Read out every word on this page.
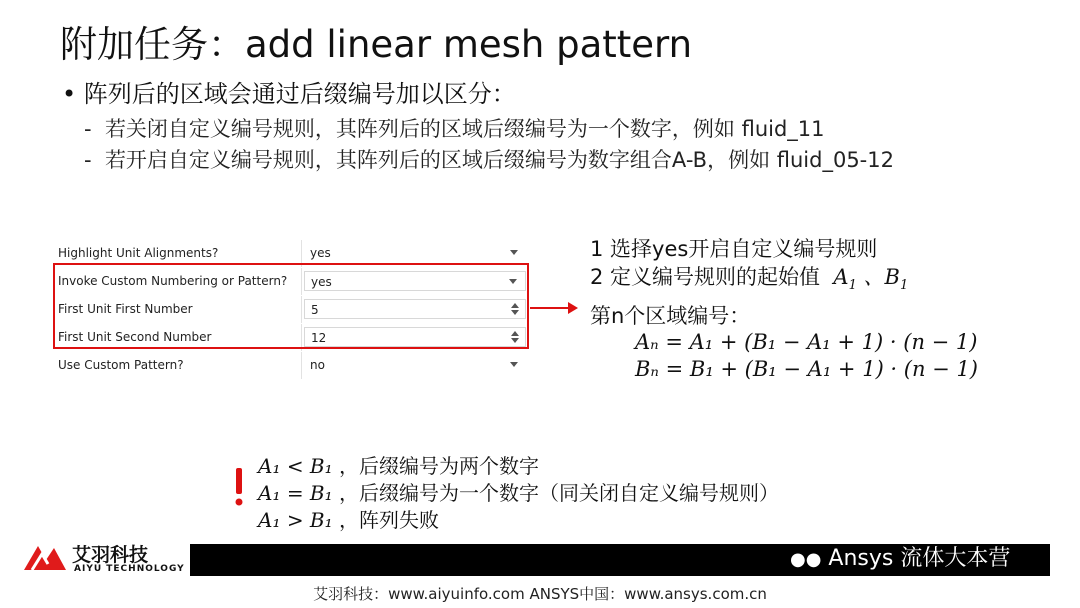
附加任务：add linear mesh pattern
• 阵列后的区域会通过后缀编号加以区分：
-  若关闭自定义编号规则，其阵列后的区域后缀编号为一个数字，例如 fluid_11
-  若开启自定义编号规则，其阵列后的区域后缀编号为数字组合A-B，例如 fluid_05-12
Highlight Unit Alignments?	yes
Invoke Custom Numbering or Pattern?	yes
First Unit First Number	5
First Unit Second Number	12
Use Custom Pattern?	no
1 选择yes开启自定义编号规则
2 定义编号规则的起始值  $A_1$ 、$B_1$
第n个区域编号：
Aₙ = A₁ + (B₁ − A₁ + 1) · (n − 1)
Bₙ = B₁ + (B₁ − A₁ + 1) · (n − 1)
A₁ < B₁ ，后缀编号为两个数字
A₁ = B₁ ，后缀编号为一个数字（同关闭自定义编号规则）
A₁ > B₁ ，阵列失败
艾羽科技
AIYU TECHNOLOGY	●● Ansys 流体大本营
艾羽科技：www.aiyuinfo.com ANSYS中国：www.ansys.com.cn
